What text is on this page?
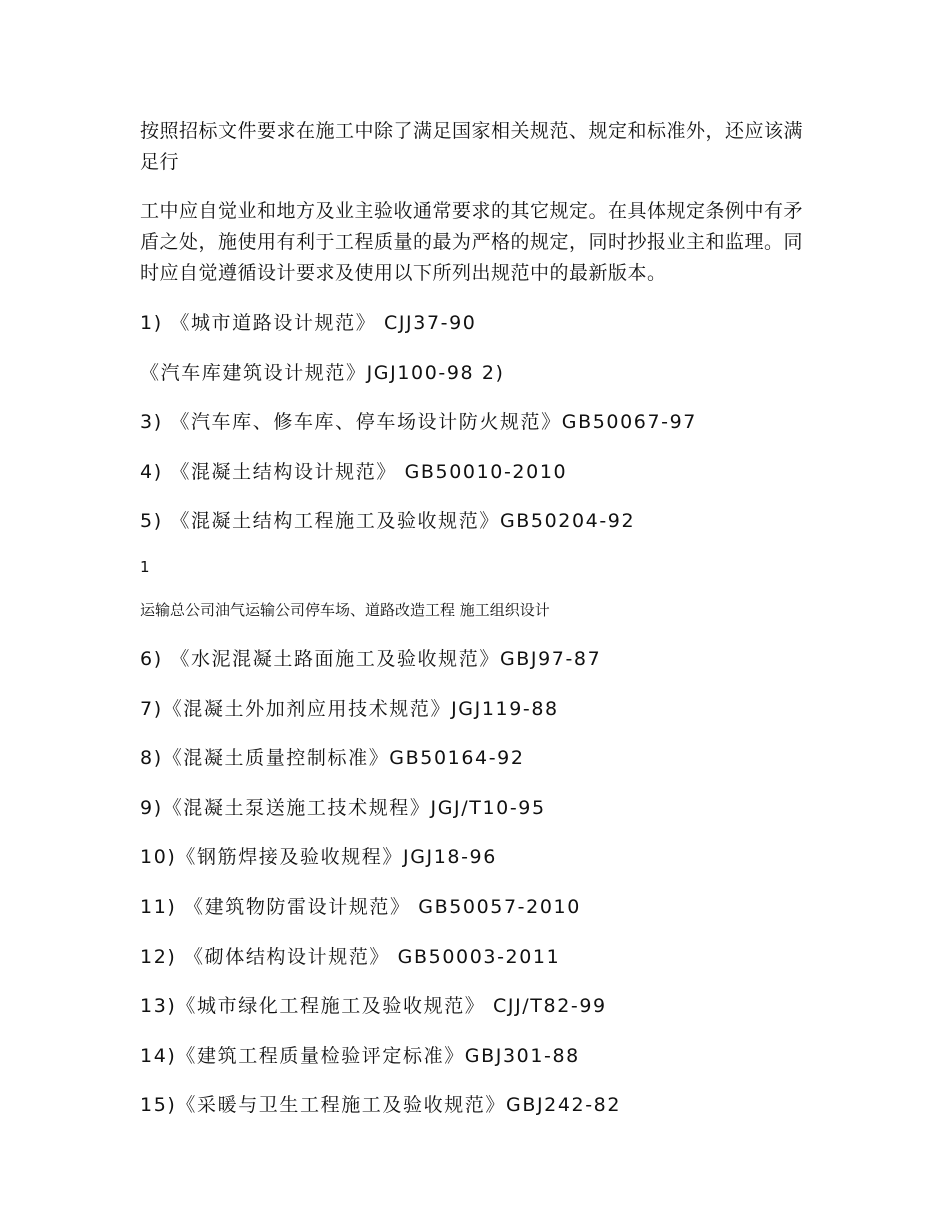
按照招标文件要求在施工中除了满足国家相关规范、规定和标准外，还应该满足行

工中应自觉业和地方及业主验收通常要求的其它规定。在具体规定条例中有矛盾之处，施使用有利于工程质量的最为严格的规定，同时抄报业主和监理。同时应自觉遵循设计要求及使用以下所列出规范中的最新版本。

1) 《城市道路设计规范》 CJJ37-90

《汽车库建筑设计规范》JGJ100-98 2)

3) 《汽车库、修车库、停车场设计防火规范》GB50067-97

4) 《混凝土结构设计规范》 GB50010-2010

5) 《混凝土结构工程施工及验收规范》GB50204-92

1

运输总公司油气运输公司停车场、道路改造工程 施工组织设计

6) 《水泥混凝土路面施工及验收规范》GBJ97-87

7)《混凝土外加剂应用技术规范》JGJ119-88

8)《混凝土质量控制标准》GB50164-92

9)《混凝土泵送施工技术规程》JGJ/T10-95

10)《钢筋焊接及验收规程》JGJ18-96

11) 《建筑物防雷设计规范》 GB50057-2010

12) 《砌体结构设计规范》 GB50003-2011

13)《城市绿化工程施工及验收规范》 CJJ/T82-99

14)《建筑工程质量检验评定标准》GBJ301-88

15)《采暖与卫生工程施工及验收规范》GBJ242-82
